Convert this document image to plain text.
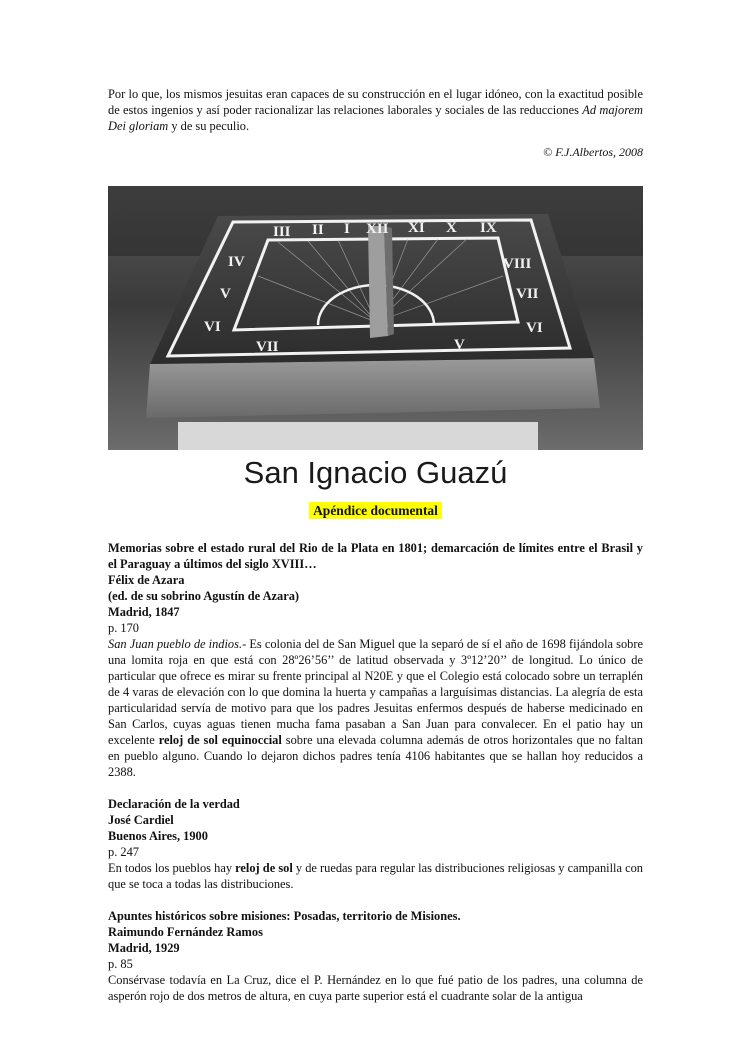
Por lo que, los mismos jesuitas eran capaces de su construcción en el lugar idóneo, con la exactitud posible de estos ingenios y así poder racionalizar las relaciones laborales y sociales de las reducciones Ad majorem Dei gloriam y de su peculio.

© F.J.Albertos, 2008

III II I XII XI X IX
IV
V
VI
VIII
VII
VI
VII	V
San Ignacio Guazú
Apéndice documental

Memorias sobre el estado rural del Rio de la Plata en 1801; demarcación de límites entre el Brasil y el Paraguay a últimos del siglo XVIII…

Félix de Azara

(ed. de su sobrino Agustín de Azara)

Madrid, 1847

p. 170

San Juan pueblo de indios.- Es colonia del de San Miguel que la separó de sí el año de 1698 fijándola sobre una lomita roja en que está con 28º26’56’’ de latitud observada y 3º12’20’’ de longitud. Lo único de particular que ofrece es mirar su frente principal al N20E y que el Colegio está colocado sobre un terraplén de 4 varas de elevación con lo que domina la huerta y campañas a larguísimas distancias. La alegría de esta particularidad servía de motivo para que los padres Jesuitas enfermos después de haberse medicinado en San Carlos, cuyas aguas tienen mucha fama pasaban a San Juan para convalecer. En el patio hay un excelente reloj de sol equinoccial sobre una elevada columna además de otros horizontales que no faltan en pueblo alguno. Cuando lo dejaron dichos padres tenía 4106 habitantes que se hallan hoy reducidos a 2388.

Declaración de la verdad

José Cardiel

Buenos Aires, 1900

p. 247

En todos los pueblos hay reloj de sol y de ruedas para regular las distribuciones religiosas y campanilla con que se toca a todas las distribuciones.

Apuntes históricos sobre misiones: Posadas, territorio de Misiones.

Raimundo Fernández Ramos

Madrid, 1929

p. 85

Consérvase todavía en La Cruz, dice el P. Hernández en lo que fué patio de los padres, una columna de asperón rojo de dos metros de altura, en cuya parte superior está el cuadrante solar de la antigua
